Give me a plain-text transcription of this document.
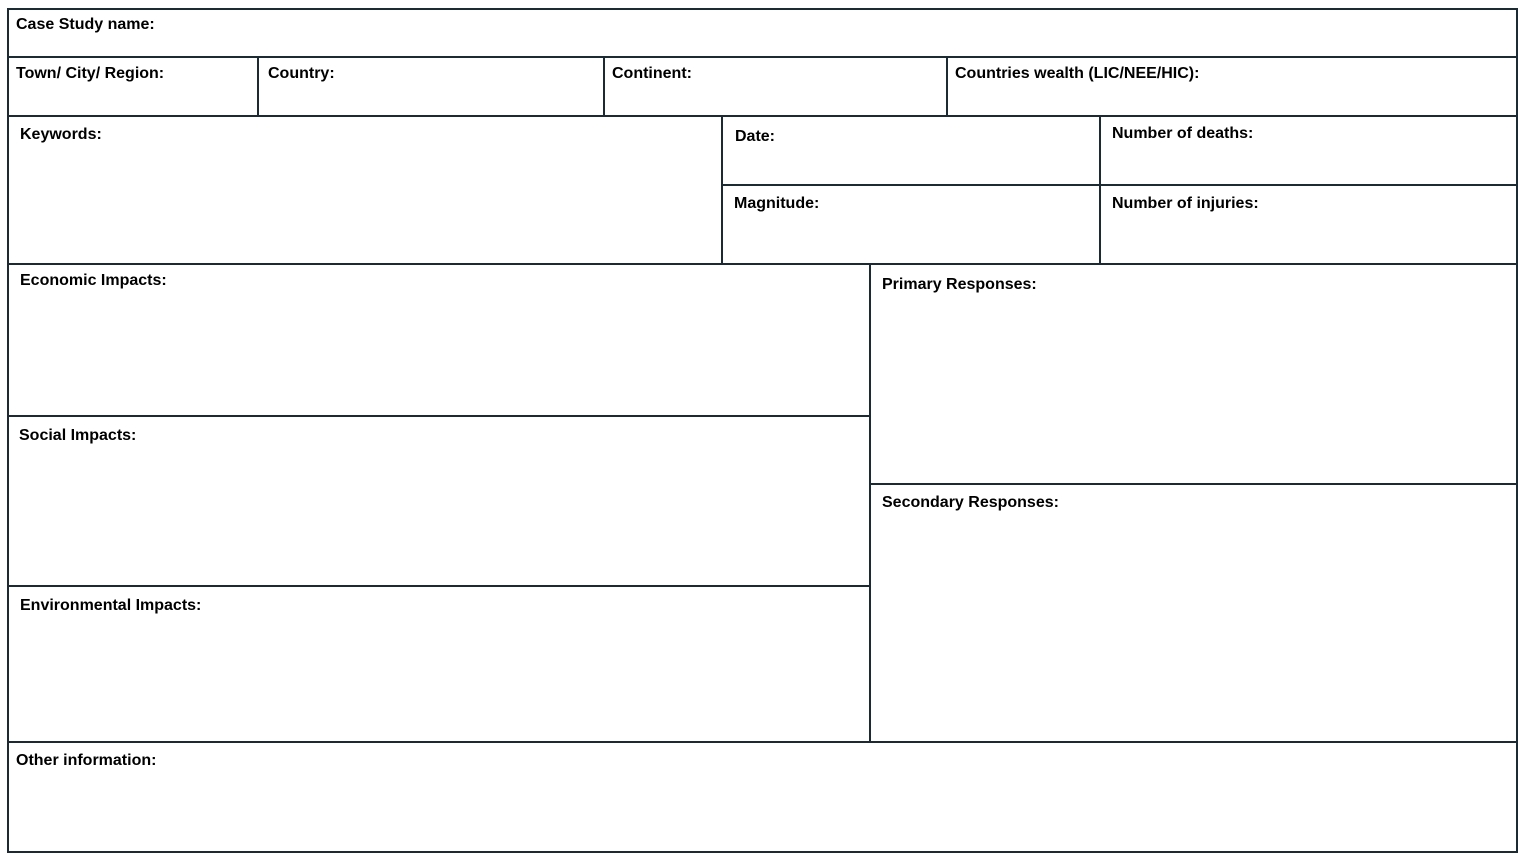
Case Study name:
Town/ City/ Region:	Country:	Continent:	Countries wealth (LIC/NEE/HIC):
Keywords:	Date:	Number of deaths:
Magnitude:	Number of injuries:
Economic Impacts:
Social Impacts:
Environmental Impacts:
Primary Responses:
Secondary Responses:
Other information:
